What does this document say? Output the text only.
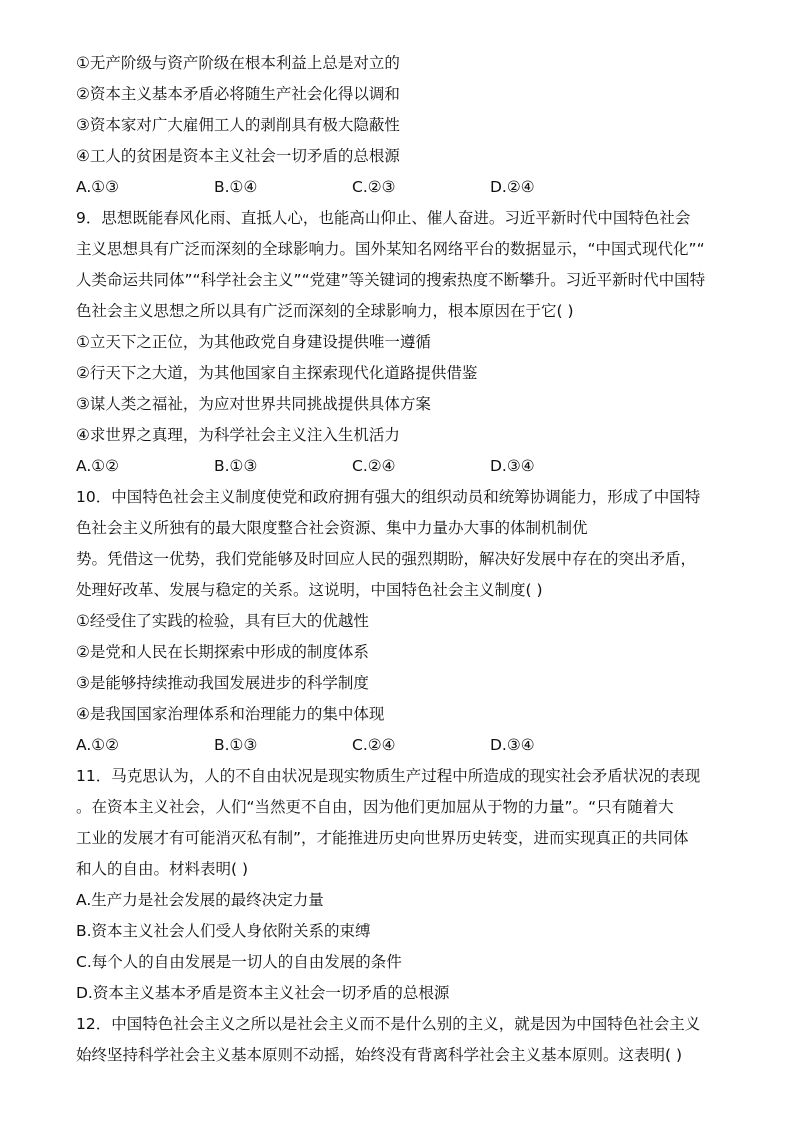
①无产阶级与资产阶级在根本利益上总是对立的
②资本主义基本矛盾必将随生产社会化得以调和
③资本家对广大雇佣工人的剥削具有极大隐蔽性
④工人的贫困是资本主义社会一切矛盾的总根源
A.①③	B.①④	C.②③	D.②④
9．思想既能春风化雨、直抵人心，也能高山仰止、催人奋进。习近平新时代中国特色社会
主义思想具有广泛而深刻的全球影响力。国外某知名网络平台的数据显示，“中国式现代化”“
人类命运共同体”“科学社会主义”“党建”等关键词的搜索热度不断攀升。习近平新时代中国特
色社会主义思想之所以具有广泛而深刻的全球影响力，根本原因在于它( )
①立天下之正位，为其他政党自身建设提供唯一遵循
②行天下之大道，为其他国家自主探索现代化道路提供借鉴
③谋人类之福祉，为应对世界共同挑战提供具体方案
④求世界之真理，为科学社会主义注入生机活力
A.①②	B.①③	C.②④	D.③④
10．中国特色社会主义制度使党和政府拥有强大的组织动员和统筹协调能力，形成了中国特
色社会主义所独有的最大限度整合社会资源、集中力量办大事的体制机制优
势。凭借这一优势，我们党能够及时回应人民的强烈期盼，解决好发展中存在的突出矛盾，
处理好改革、发展与稳定的关系。这说明，中国特色社会主义制度( )
①经受住了实践的检验，具有巨大的优越性
②是党和人民在长期探索中形成的制度体系
③是能够持续推动我国发展进步的科学制度
④是我国国家治理体系和治理能力的集中体现
A.①②	B.①③	C.②④	D.③④
11．马克思认为，人的不自由状况是现实物质生产过程中所造成的现实社会矛盾状况的表现
。在资本主义社会，人们“当然更不自由，因为他们更加屈从于物的力量”。“只有随着大
工业的发展才有可能消灭私有制”，才能推进历史向世界历史转变，进而实现真正的共同体
和人的自由。材料表明( )
A.生产力是社会发展的最终决定力量
B.资本主义社会人们受人身依附关系的束缚
C.每个人的自由发展是一切人的自由发展的条件
D.资本主义基本矛盾是资本主义社会一切矛盾的总根源
12．中国特色社会主义之所以是社会主义而不是什么别的主义，就是因为中国特色社会主义
始终坚持科学社会主义基本原则不动摇，始终没有背离科学社会主义基本原则。这表明( )
